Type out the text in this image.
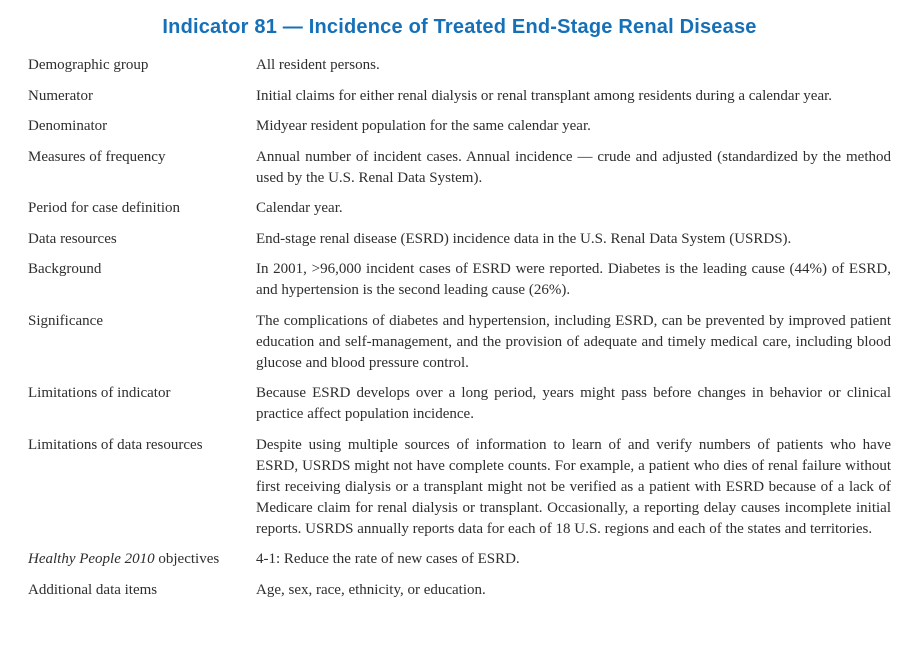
Indicator 81 — Incidence of Treated End-Stage Renal Disease
Demographic group	All resident persons.
Numerator	Initial claims for either renal dialysis or renal transplant among residents during a calendar year.
Denominator	Midyear resident population for the same calendar year.
Measures of frequency	Annual number of incident cases. Annual incidence — crude and adjusted (standardized by the method used by the U.S. Renal Data System).
Period for case definition	Calendar year.
Data resources	End-stage renal disease (ESRD) incidence data in the U.S. Renal Data System (USRDS).
Background	In 2001, >96,000 incident cases of ESRD were reported. Diabetes is the leading cause (44%) of ESRD, and hypertension is the second leading cause (26%).
Significance	The complications of diabetes and hypertension, including ESRD, can be prevented by improved patient education and self-management, and the provision of adequate and timely medical care, including blood glucose and blood pressure control.
Limitations of indicator	Because ESRD develops over a long period, years might pass before changes in behavior or clinical practice affect population incidence.
Limitations of data resources	Despite using multiple sources of information to learn of and verify numbers of patients who have ESRD, USRDS might not have complete counts. For example, a patient who dies of renal failure without first receiving dialysis or a transplant might not be verified as a patient with ESRD because of a lack of Medicare claim for renal dialysis or transplant. Occasionally, a reporting delay causes incomplete initial reports. USRDS annually reports data for each of 18 U.S. regions and each of the states and territories.
Healthy People 2010 objectives	4-1: Reduce the rate of new cases of ESRD.
Additional data items	Age, sex, race, ethnicity, or education.
